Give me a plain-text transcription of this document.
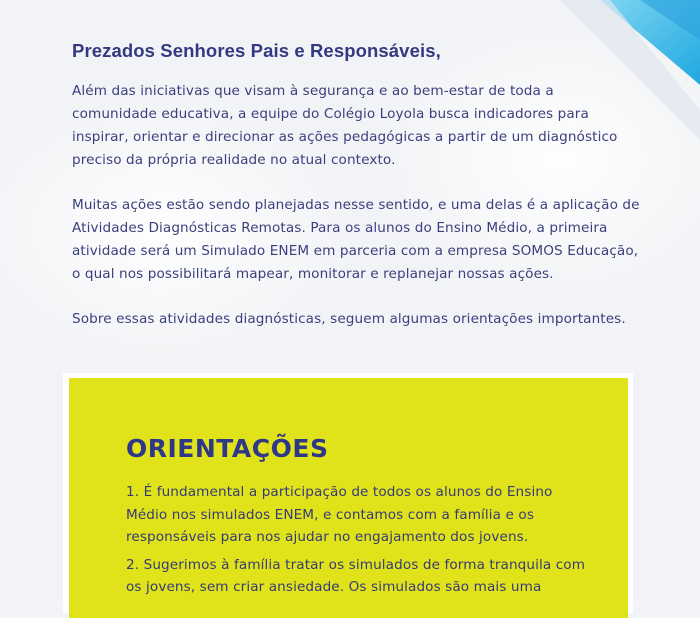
Prezados Senhores Pais e Responsáveis,

Além das iniciativas que visam à segurança e ao bem-estar de toda a comunidade educativa, a equipe do Colégio Loyola busca indicadores para inspirar, orientar e direcionar as ações pedagógicas a partir de um diagnóstico preciso da própria realidade no atual contexto.

Muitas ações estão sendo planejadas nesse sentido, e uma delas é a aplicação de Atividades Diagnósticas Remotas. Para os alunos do Ensino Médio, a primeira atividade será um Simulado ENEM em parceria com a empresa SOMOS Educação, o qual nos possibilitará mapear, monitorar e replanejar nossas ações.

Sobre essas atividades diagnósticas, seguem algumas orientações importantes.

ORIENTAÇÕES
1. É fundamental a participação de todos os alunos do Ensino Médio nos simulados ENEM, e contamos com a família e os responsáveis para nos ajudar no engajamento dos jovens.
2. Sugerimos à família tratar os simulados de forma tranquila com os jovens, sem criar ansiedade. Os simulados são mais uma
